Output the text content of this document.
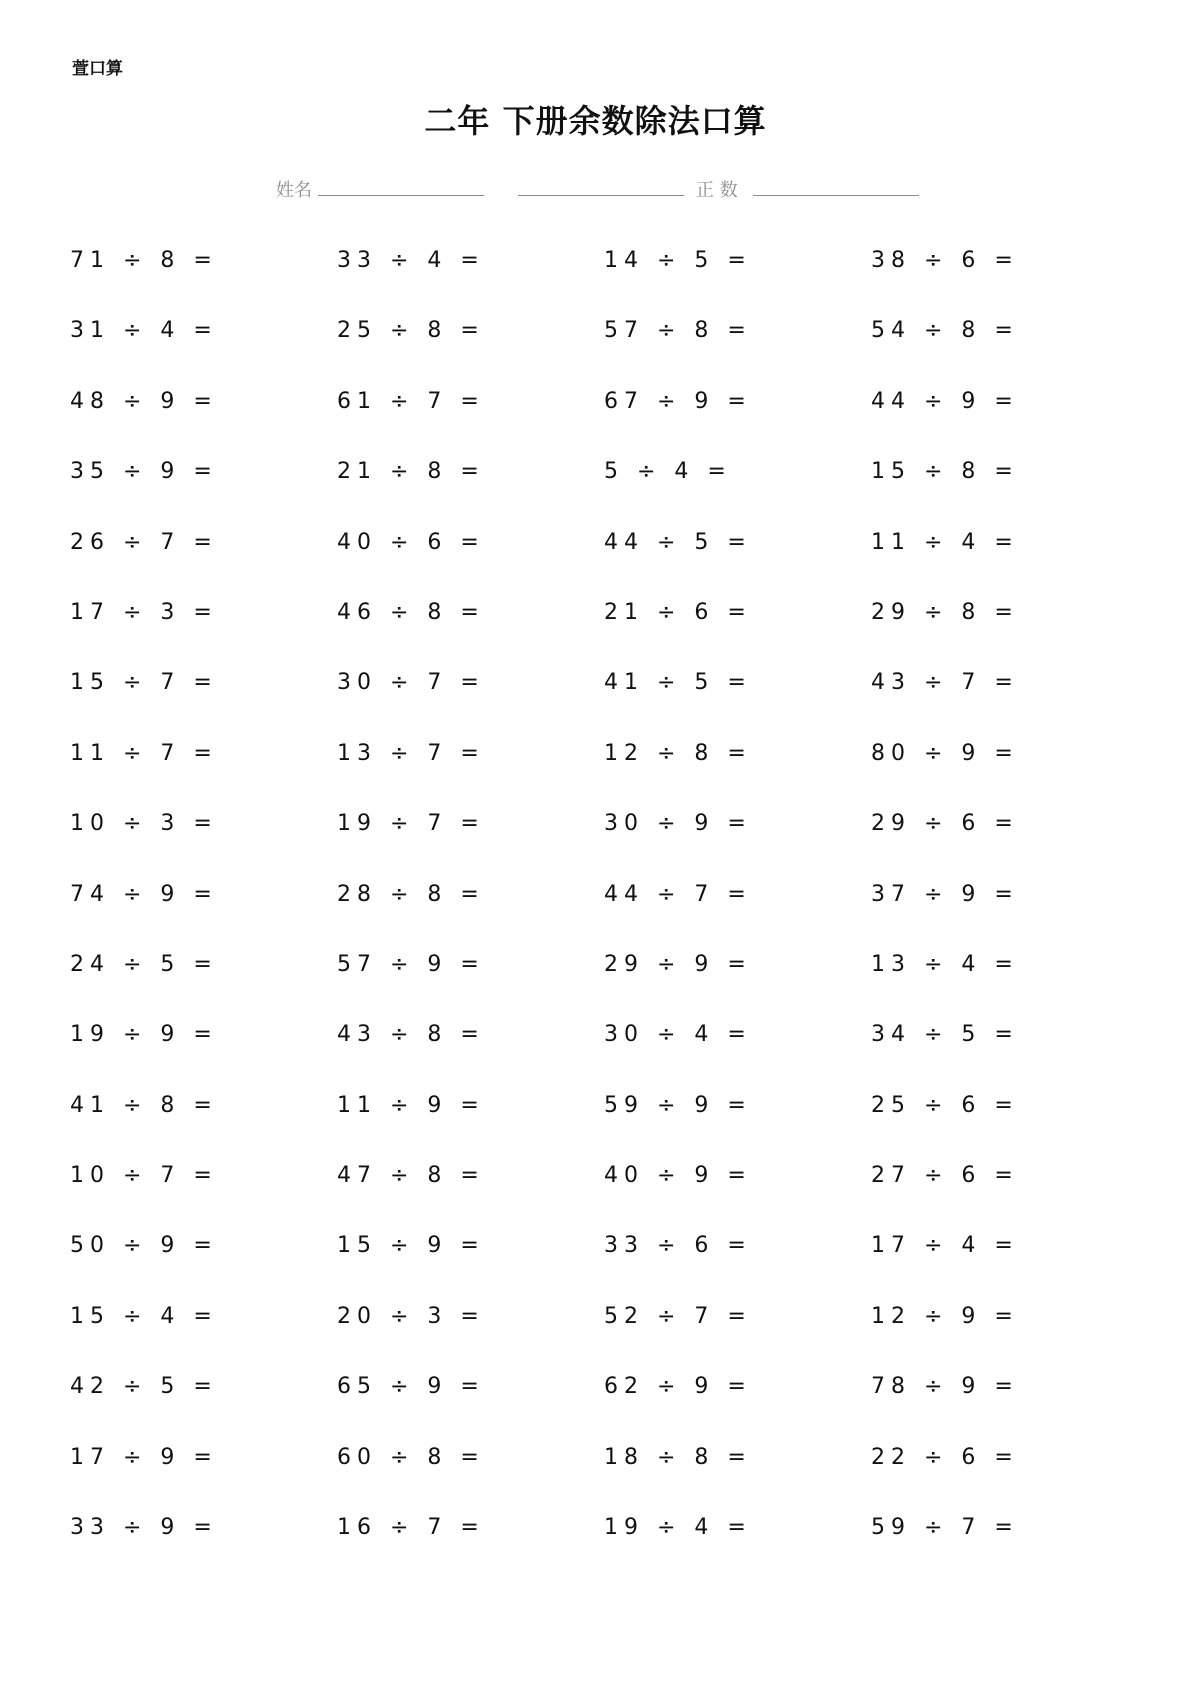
萱口算
二年 下册余数除法口算
姓名	正 数
71 ÷ 8 =	33 ÷ 4 =	14 ÷ 5 =	38 ÷ 6 =
31 ÷ 4 =	25 ÷ 8 =	57 ÷ 8 =	54 ÷ 8 =
48 ÷ 9 =	61 ÷ 7 =	67 ÷ 9 =	44 ÷ 9 =
35 ÷ 9 =	21 ÷ 8 =	5 ÷ 4 =	15 ÷ 8 =
26 ÷ 7 =	40 ÷ 6 =	44 ÷ 5 =	11 ÷ 4 =
17 ÷ 3 =	46 ÷ 8 =	21 ÷ 6 =	29 ÷ 8 =
15 ÷ 7 =	30 ÷ 7 =	41 ÷ 5 =	43 ÷ 7 =
11 ÷ 7 =	13 ÷ 7 =	12 ÷ 8 =	80 ÷ 9 =
10 ÷ 3 =	19 ÷ 7 =	30 ÷ 9 =	29 ÷ 6 =
74 ÷ 9 =	28 ÷ 8 =	44 ÷ 7 =	37 ÷ 9 =
24 ÷ 5 =	57 ÷ 9 =	29 ÷ 9 =	13 ÷ 4 =
19 ÷ 9 =	43 ÷ 8 =	30 ÷ 4 =	34 ÷ 5 =
41 ÷ 8 =	11 ÷ 9 =	59 ÷ 9 =	25 ÷ 6 =
10 ÷ 7 =	47 ÷ 8 =	40 ÷ 9 =	27 ÷ 6 =
50 ÷ 9 =	15 ÷ 9 =	33 ÷ 6 =	17 ÷ 4 =
15 ÷ 4 =	20 ÷ 3 =	52 ÷ 7 =	12 ÷ 9 =
42 ÷ 5 =	65 ÷ 9 =	62 ÷ 9 =	78 ÷ 9 =
17 ÷ 9 =	60 ÷ 8 =	18 ÷ 8 =	22 ÷ 6 =
33 ÷ 9 =	16 ÷ 7 =	19 ÷ 4 =	59 ÷ 7 =
